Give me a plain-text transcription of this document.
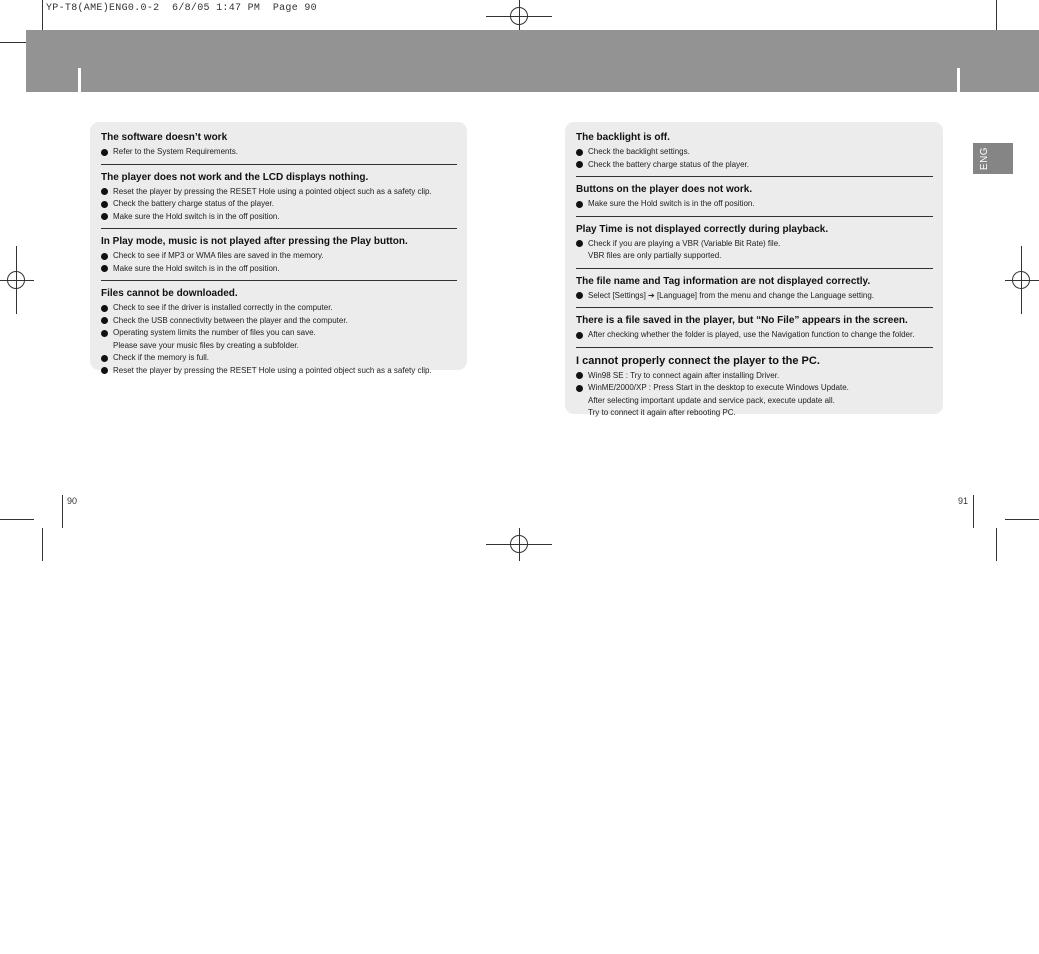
YP-T8(AME)ENG0.0-2  6/8/05 1:47 PM  Page 90
ENG
The software doesn’t work
Refer to the System Requirements.
The player does not work and the LCD displays nothing.
Reset the player by pressing the RESET Hole using a pointed object such as a safety clip.
Check the battery charge status of the player.
Make sure the Hold switch is in the off position.
In Play mode, music is not played after pressing the Play button.
Check to see if MP3 or WMA files are saved in the memory.
Make sure the Hold switch is in the off position.
Files cannot be downloaded.
Check to see if the driver is installed correctly in the computer.
Check the USB connectivity between the player and the computer.
Operating system limits the number of files you can save.
Please save your music files by creating a subfolder.
Check if the memory is full.
Reset the player by pressing the RESET Hole using a pointed object such as a safety clip.
The backlight is off.
Check the backlight settings.
Check the battery charge status of the player.
Buttons on the player does not work.
Make sure the Hold switch is in the off position.
Play Time is not displayed correctly during playback.
Check if you are playing a VBR (Variable Bit Rate) file.
VBR files are only partially supported.
The file name and Tag information are not displayed correctly.
Select [Settings] ➔ [Language] from the menu and change the Language setting.
There is a file saved in the player, but “No File” appears in the screen.
After checking whether the folder is played, use the Navigation function to change the folder.
I cannot properly connect the player to the PC.
Win98 SE : Try to connect again after installing Driver.
WinME/2000/XP : Press Start in the desktop to execute Windows Update.
After selecting important update and service pack, execute update all.
Try to connect it again after rebooting PC.
90	91
